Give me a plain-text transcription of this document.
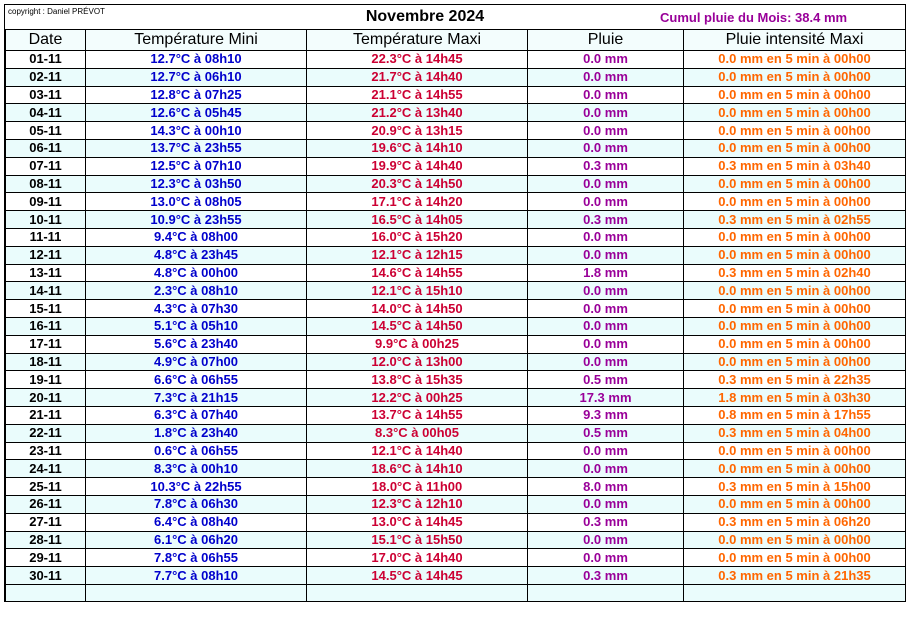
copyright : Daniel PRÉVOT	Novembre 2024	Cumul pluie du Mois: 38.4 mm
Date	Température Mini	Température Maxi	Pluie	Pluie intensité Maxi
01-11	12.7°C à 08h10	22.3°C à 14h45	0.0 mm	0.0 mm en 5 min à 00h00
02-11	12.7°C à 06h10	21.7°C à 14h40	0.0 mm	0.0 mm en 5 min à 00h00
03-11	12.8°C à 07h25	21.1°C à 14h55	0.0 mm	0.0 mm en 5 min à 00h00
04-11	12.6°C à 05h45	21.2°C à 13h40	0.0 mm	0.0 mm en 5 min à 00h00
05-11	14.3°C à 00h10	20.9°C à 13h15	0.0 mm	0.0 mm en 5 min à 00h00
06-11	13.7°C à 23h55	19.6°C à 14h10	0.0 mm	0.0 mm en 5 min à 00h00
07-11	12.5°C à 07h10	19.9°C à 14h40	0.3 mm	0.3 mm en 5 min à 03h40
08-11	12.3°C à 03h50	20.3°C à 14h50	0.0 mm	0.0 mm en 5 min à 00h00
09-11	13.0°C à 08h05	17.1°C à 14h20	0.0 mm	0.0 mm en 5 min à 00h00
10-11	10.9°C à 23h55	16.5°C à 14h05	0.3 mm	0.3 mm en 5 min à 02h55
11-11	9.4°C à 08h00	16.0°C à 15h20	0.0 mm	0.0 mm en 5 min à 00h00
12-11	4.8°C à 23h45	12.1°C à 12h15	0.0 mm	0.0 mm en 5 min à 00h00
13-11	4.8°C à 00h00	14.6°C à 14h55	1.8 mm	0.3 mm en 5 min à 02h40
14-11	2.3°C à 08h10	12.1°C à 15h10	0.0 mm	0.0 mm en 5 min à 00h00
15-11	4.3°C à 07h30	14.0°C à 14h50	0.0 mm	0.0 mm en 5 min à 00h00
16-11	5.1°C à 05h10	14.5°C à 14h50	0.0 mm	0.0 mm en 5 min à 00h00
17-11	5.6°C à 23h40	9.9°C à 00h25	0.0 mm	0.0 mm en 5 min à 00h00
18-11	4.9°C à 07h00	12.0°C à 13h00	0.0 mm	0.0 mm en 5 min à 00h00
19-11	6.6°C à 06h55	13.8°C à 15h35	0.5 mm	0.3 mm en 5 min à 22h35
20-11	7.3°C à 21h15	12.2°C à 00h25	17.3 mm	1.8 mm en 5 min à 03h30
21-11	6.3°C à 07h40	13.7°C à 14h55	9.3 mm	0.8 mm en 5 min à 17h55
22-11	1.8°C à 23h40	8.3°C à 00h05	0.5 mm	0.3 mm en 5 min à 04h00
23-11	0.6°C à 06h55	12.1°C à 14h40	0.0 mm	0.0 mm en 5 min à 00h00
24-11	8.3°C à 00h10	18.6°C à 14h10	0.0 mm	0.0 mm en 5 min à 00h00
25-11	10.3°C à 22h55	18.0°C à 11h00	8.0 mm	0.3 mm en 5 min à 15h00
26-11	7.8°C à 06h30	12.3°C à 12h10	0.0 mm	0.0 mm en 5 min à 00h00
27-11	6.4°C à 08h40	13.0°C à 14h45	0.3 mm	0.3 mm en 5 min à 06h20
28-11	6.1°C à 06h20	15.1°C à 15h50	0.0 mm	0.0 mm en 5 min à 00h00
29-11	7.8°C à 06h55	17.0°C à 14h40	0.0 mm	0.0 mm en 5 min à 00h00
30-11	7.7°C à 08h10	14.5°C à 14h45	0.3 mm	0.3 mm en 5 min à 21h35
